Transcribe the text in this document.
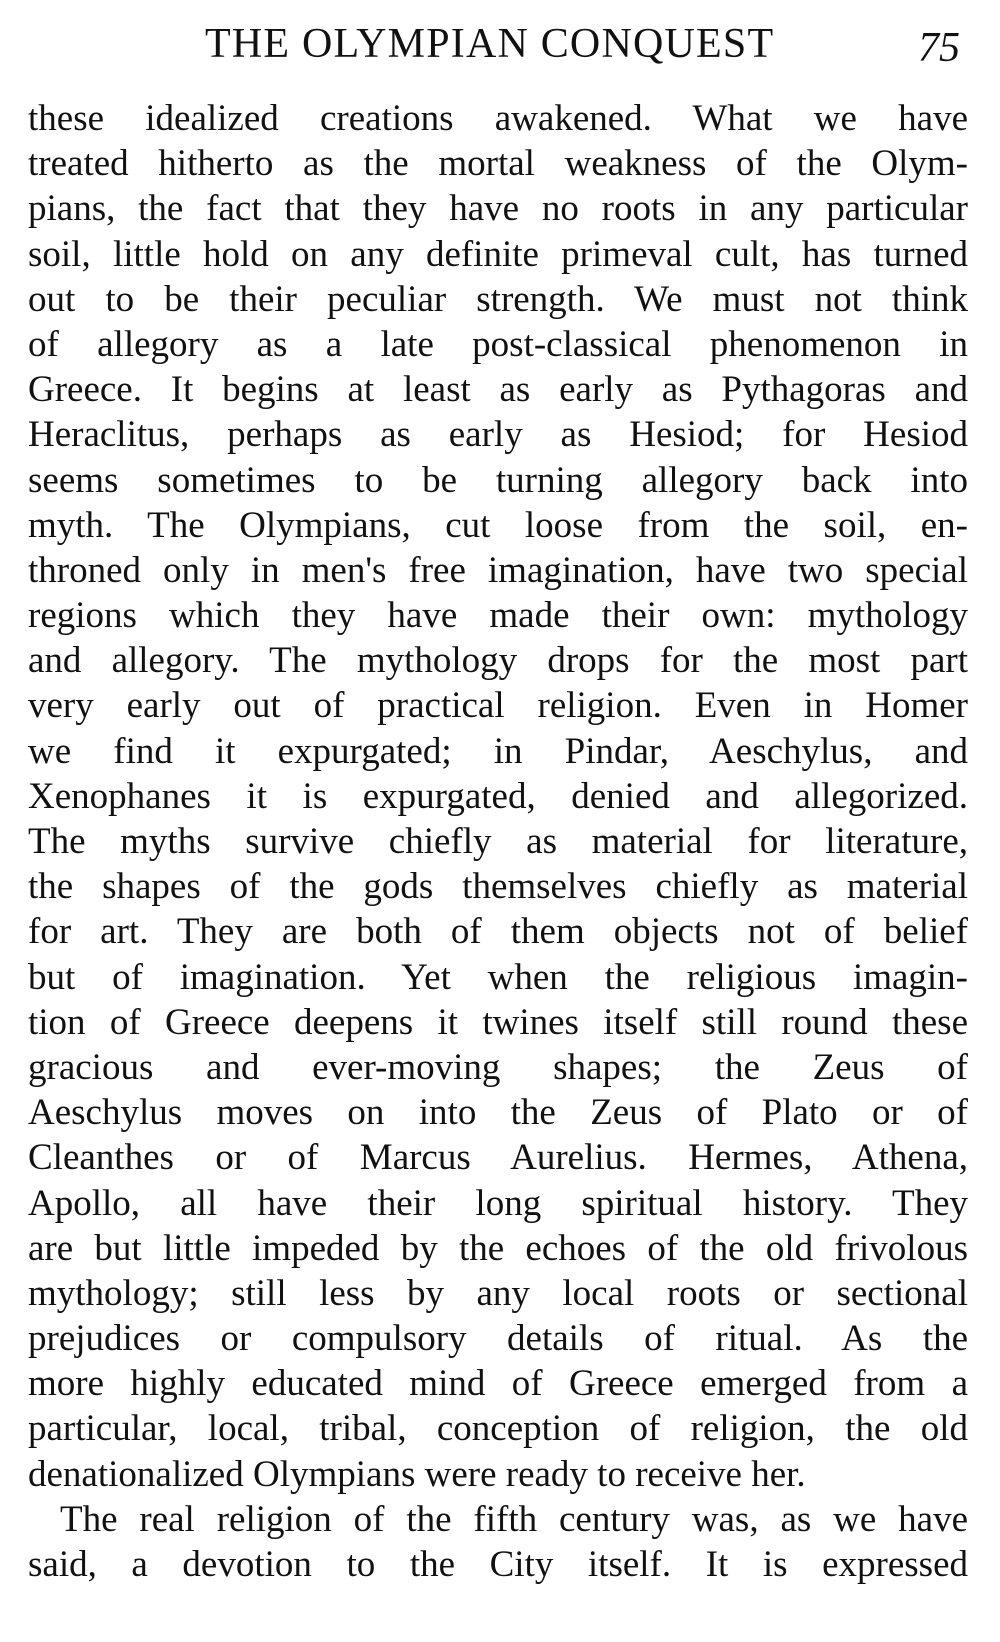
THE OLYMPIAN CONQUEST	75
these idealized creations awakened. What we have
treated hitherto as the mortal weakness of the Olym-
pians, the fact that they have no roots in any particular
soil, little hold on any definite primeval cult, has turned
out to be their peculiar strength. We must not think
of allegory as a late post-classical phenomenon in
Greece. It begins at least as early as Pythagoras and
Heraclitus, perhaps as early as Hesiod; for Hesiod
seems sometimes to be turning allegory back into
myth. The Olympians, cut loose from the soil, en-
throned only in men's free imagination, have two special
regions which they have made their own: mythology
and allegory. The mythology drops for the most part
very early out of practical religion. Even in Homer
we find it expurgated; in Pindar, Aeschylus, and
Xenophanes it is expurgated, denied and allegorized.
The myths survive chiefly as material for literature,
the shapes of the gods themselves chiefly as material
for art. They are both of them objects not of belief
but of imagination. Yet when the religious imagin-
tion of Greece deepens it twines itself still round these
gracious and ever-moving shapes; the Zeus of
Aeschylus moves on into the Zeus of Plato or of
Cleanthes or of Marcus Aurelius. Hermes, Athena,
Apollo, all have their long spiritual history. They
are but little impeded by the echoes of the old frivolous
mythology; still less by any local roots or sectional
prejudices or compulsory details of ritual. As the
more highly educated mind of Greece emerged from a
particular, local, tribal, conception of religion, the old
denationalized Olympians were ready to receive her.
The real religion of the fifth century was, as we have
said, a devotion to the City itself. It is expressed
